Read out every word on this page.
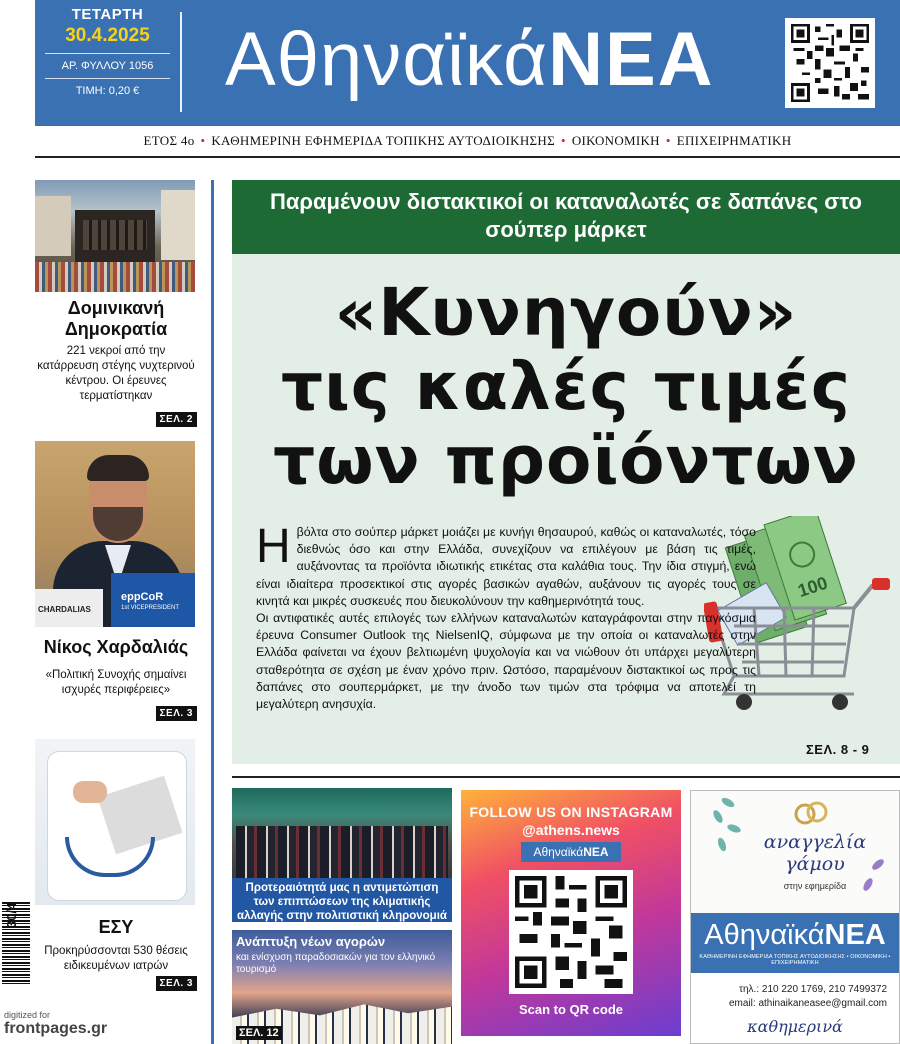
ΤΕΤΑΡΤΗ
30.4.2025
ΑΡ. ΦΥΛΛΟΥ 1056
ΤΙΜΗ: 0,20 €	ΑθηναϊκάΝΕΑ
ΕΤΟΣ 4ο • ΚΑΘΗΜΕΡΙΝΗ ΕΦΗΜΕΡΙΔΑ ΤΟΠΙΚΗΣ ΑΥΤΟΔΙΟΙΚΗΣΗΣ • ΟΙΚΟΝΟΜΙΚΗ • ΕΠΙΧΕΙΡΗΜΑΤΙΚΗ
Δομινικανή Δημοκρατία

221 νεκροί από την κατάρρευση στέγης νυχτερινού κέντρου. Οι έρευνες τερματίστηκαν

ΣΕΛ. 2
CHARDALIAS
eppCoR
1st VICEPRESIDENT
Νίκος Χαρδαλιάς

«Πολιτική Συνοχής σημαίνει ισχυρές περιφέρειες»

ΣΕΛ. 3
ΕΣΥ

Προκηρύσσονται 530 θέσεις ειδικευμένων ιατρών

ΣΕΛ. 3
30/4
Παραμένουν διστακτικοί οι καταναλωτές σε δαπάνες στο σούπερ μάρκετ
«Κυνηγούν»
τις καλές τιμές
των προϊόντων
100
Η βόλτα στο σούπερ μάρκετ μοιάζει με κυνήγι θησαυρού, καθώς οι καταναλωτές, τόσο διεθνώς όσο και στην Ελλάδα, συνεχίζουν να επιλέγουν με βάση τις τιμές, αυξάνοντας τα προϊόντα ιδιωτικής ετικέτας στα καλάθια τους. Την ίδια στιγμή, ενώ είναι ιδιαίτερα προσεκτικοί στις αγορές βασικών αγαθών, αυξάνουν τις αγορές τους σε κινητά και μικρές συσκευές που διευκολύνουν την καθημερινότητά τους.
Οι αντιφατικές αυτές επιλογές των ελλήνων καταναλωτών καταγράφονται στην παγκόσμια έρευνα Consumer Outlook της NielsenIQ, σύμφωνα με την οποία οι καταναλωτές στην Ελλάδα φαίνεται να έχουν βελτιωμένη ψυχολογία και να νιώθουν ότι υπάρχει μεγαλύτερη σταθερότητα σε σχέση με έναν χρόνο πριν. Ωστόσο, παραμένουν διστακτικοί ως προς τις δαπάνες στο σουπερμάρκετ, με την άνοδο των τιμών στα τρόφιμα να αποτελεί τη μεγαλύτερη ανησυχία.
ΣΕΛ. 8 - 9
Προτεραιότητά μας η αντιμετώπιση των επιπτώσεων της κλιματικής αλλαγής στην πολιτιστική κληρονομιά
Ανάπτυξη νέων αγορών
και ενίσχυση παραδοσιακών για τον ελληνικό τουρισμό
ΣΕΛ. 12
FOLLOW US ON INSTAGRAM
@athens.news
ΑθηναϊκάΝΕΑ
Scan to QR code
αναγγελία
γάμου
στην εφημερίδα
ΑθηναϊκάΝΕΑ
ΚΑΘΗΜΕΡΙΝΗ ΕΦΗΜΕΡΙΔΑ ΤΟΠΙΚΗΣ ΑΥΤΟΔΙΟΙΚΗΣΗΣ • ΟΙΚΟΝΟΜΙΚΗ • ΕΠΙΧΕΙΡΗΜΑΤΙΚΗ
τηλ.: 210 220 1769, 210 7499372
email: athinaikaneasee@gmail.com
καθημερινά
digitized for
frontpages.gr
